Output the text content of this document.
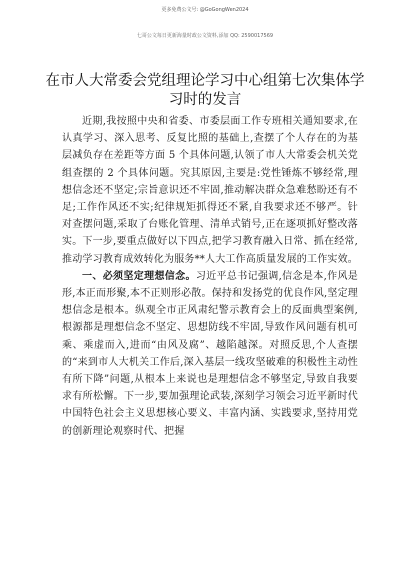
更多免费公文号: @GoGongWen2024
七哥公文每日更新海量时政公文资料,添加 QQ: 2590017569
在市人大常委会党组理论学习中心组第七次集体学习时的发言

近期,我按照中央和省委、市委层面工作专班相关通知要求,在认真学习、深入思考、反复比照的基础上,查摆了个人存在的为基层减负存在差距等方面 5 个具体问题,认领了市人大常委会机关党组查摆的 2 个具体问题。究其原因,主要是:党性锤炼不够经常,理想信念还不坚定;宗旨意识还不牢固,推动解决群众急难愁盼还有不足;工作作风还不实;纪律规矩抓得还不紧,自我要求还不够严。针对查摆问题,采取了台账化管理、清单式销号,正在逐项抓好整改落实。下一步,要重点做好以下四点,把学习教育融入日常、抓在经常,推动学习教育成效转化为服务**人大工作高质量发展的工作实效。

一、必须坚定理想信念。习近平总书记强调,信念是本,作风是形,本正而形聚,本不正则形必散。保持和发扬党的优良作风,坚定理想信念是根本。纵观全市正风肃纪警示教育会上的反面典型案例,根源都是理想信念不坚定、思想防线不牢固,导致作风问题有机可乘、乘虚而入,进而“由风及腐”、越陷越深。对照反思,个人查摆的“来到市人大机关工作后,深入基层一线攻坚破难的积极性主动性有所下降”问题,从根本上来说也是理想信念不够坚定,导致自我要求有所松懈。下一步,要加强理论武装,深刻学习领会习近平新时代中国特色社会主义思想核心要义、丰富内涵、实践要求,坚持用党的创新理论观察时代、把握
